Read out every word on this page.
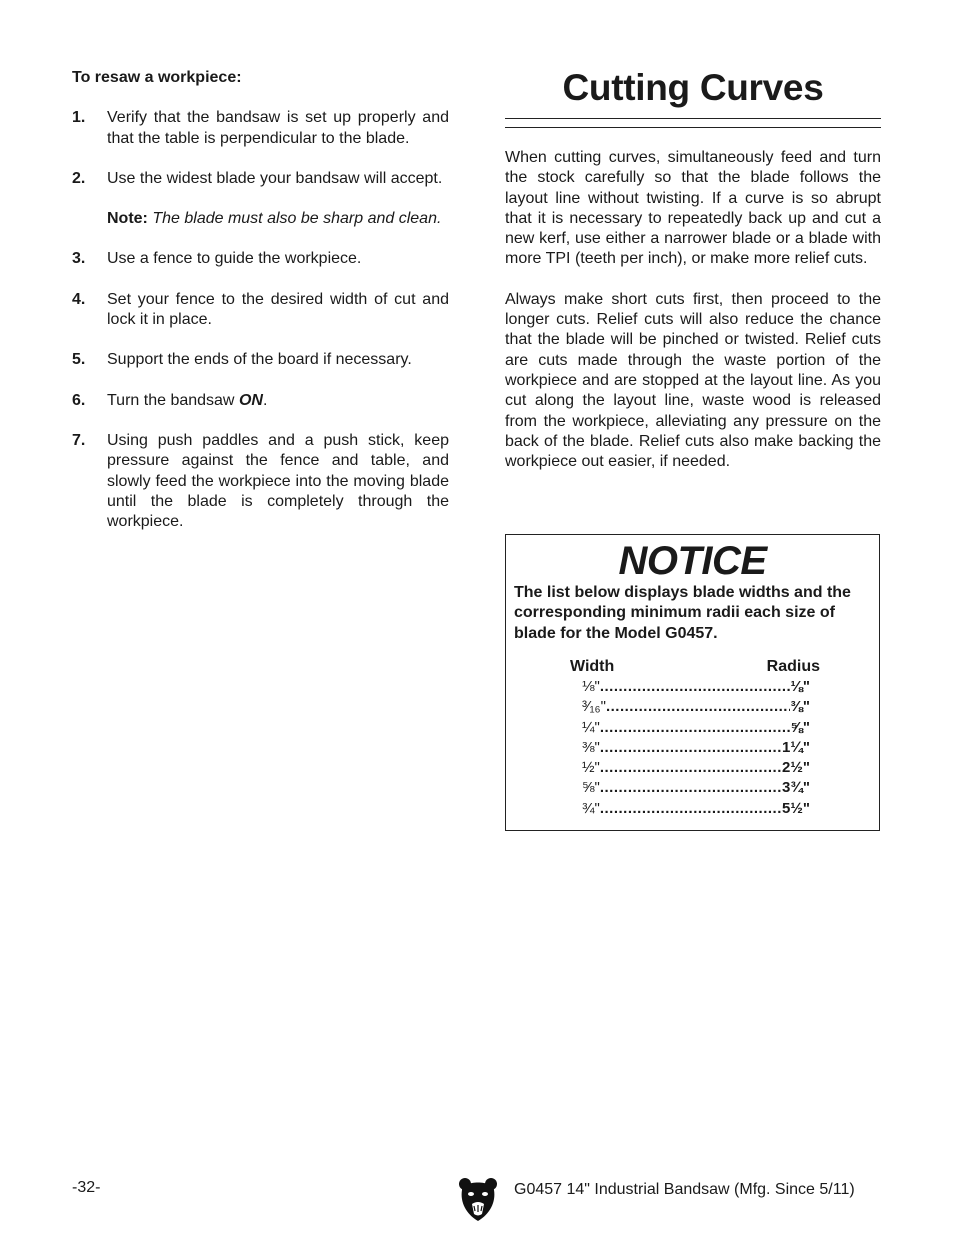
To resaw a workpiece:
1.	Verify that the bandsaw is set up properly and that the table is perpendicular to the blade.
2.	Use the widest blade your bandsaw will accept.
Note: The blade must also be sharp and clean.
3.	Use a fence to guide the workpiece.
4.	Set your fence to the desired width of cut and lock it in place.
5.	Support the ends of the board if necessary.
6.	Turn the bandsaw ON.
7.	Using push paddles and a push stick, keep pressure against the fence and table, and slowly feed the workpiece into the moving blade until the blade is completely through the workpiece.
Cutting Curves

When cutting curves, simultaneously feed and turn the stock carefully so that the blade follows the layout line without twisting. If a curve is so abrupt that it is necessary to repeatedly back up and cut a new kerf, use either a narrower blade or a blade with more TPI (teeth per inch), or make more relief cuts.

Always make short cuts first, then proceed to the longer cuts. Relief cuts will also reduce the chance that the blade will be pinched or twisted. Relief cuts are cuts made through the waste portion of the workpiece and are stopped at the layout line. As you cut along the layout line, waste wood is released from the workpiece, alleviating any pressure on the back of the blade. Relief cuts also make backing the workpiece out easier, if needed.

NOTICE
The list below displays blade widths and the corresponding minimum radii each size of blade for the Model G0457.
Width	Radius
⅛" .....	⅛"
³⁄₁₆" .....	⅜"
¼" .....	⅝"
⅜" .....	1¼"
½" .....	2½"
⅝" .....	3¾"
¾" .....	5½"
-32-	G0457 14" Industrial Bandsaw (Mfg. Since 5/11)
